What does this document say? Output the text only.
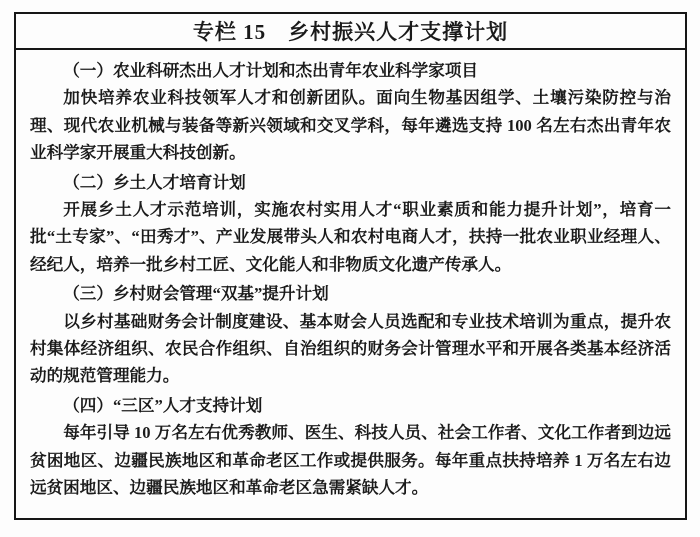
专栏 15　乡村振兴人才支撑计划

（一）农业科研杰出人才计划和杰出青年农业科学家项目

加快培养农业科技领军人才和创新团队。面向生物基因组学、土壤污染防控与治理、现代农业机械与装备等新兴领域和交叉学科，每年遴选支持 100 名左右杰出青年农业科学家开展重大科技创新。

（二）乡土人才培育计划

开展乡土人才示范培训，实施农村实用人才“职业素质和能力提升计划”，培育一批“土专家”、“田秀才”、产业发展带头人和农村电商人才，扶持一批农业职业经理人、经纪人，培养一批乡村工匠、文化能人和非物质文化遗产传承人。

（三）乡村财会管理“双基”提升计划

以乡村基础财务会计制度建设、基本财会人员选配和专业技术培训为重点，提升农村集体经济组织、农民合作组织、自治组织的财务会计管理水平和开展各类基本经济活动的规范管理能力。

（四）“三区”人才支持计划

每年引导 10 万名左右优秀教师、医生、科技人员、社会工作者、文化工作者到边远贫困地区、边疆民族地区和革命老区工作或提供服务。每年重点扶持培养 1 万名左右边远贫困地区、边疆民族地区和革命老区急需紧缺人才。
